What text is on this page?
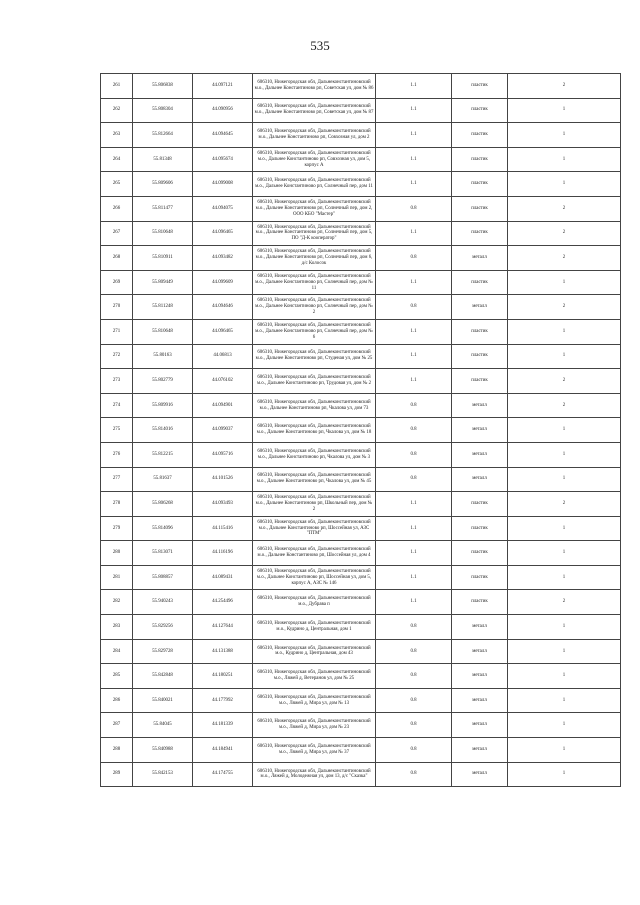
535
261	55.806838	44.097121	606310, Нижегородская обл, Дальнеконстантиновский м.о., Дальнее Константиново рп, Советская ул, дом № 86	1.1	пластик	2
262	55.808304	44.090956	606310, Нижегородская обл, Дальнеконстантиновский м.о., Дальнее Константиново рп, Советская ул, дом № 87	1.1	пластик	1
263	55.812664	44.094645	606310, Нижегородская обл, Дальнеконстантиновский м.о., Дальнее Константиново рп, Совхозная ул, дом 2	1.1	пластик	1
264	55.81348	44.095674	606310, Нижегородская обл, Дальнеконстантиновский м.о., Дальнее Константиново рп, Совхозная ул, дом 5, корпус А	1.1	пластик	1
265	55.809606	44.099008	606310, Нижегородская обл, Дальнеконстантиновский м.о., Дальнее Константиново рп, Солнечный пер, дом 11	1.1	пластик	1
266	55.811477	44.094075	606310, Нижегородская обл, Дальнеконстантиновский м.о., Дальнее Константиново рп, Солнечный пер, дом 2, ООО КБО "Мастер"	0.8	пластик	2
267	55.810648	44.096465	606310, Нижегородская обл, Дальнеконстантиновский м.о., Дальнее Константиново рп, Солнечный пер, дом 5, ПО "Д-К кооператор"	1.1	пластик	2
268	55.810911	44.093482	606310, Нижегородская обл, Дальнеконстантиновский м.о., Дальнее Константиново рп, Солнечный пер, дом 6, д/с Колосок	0.8	металл	2
269	55.809449	44.099609	606310, Нижегородская обл, Дальнеконстантиновский м.о., Дальнее Константиново рп, Солнечный пер, дом № 11	1.1	пластик	1
270	55.811248	44.094646	606310, Нижегородская обл, Дальнеконстантиновский м.о., Дальнее Константиново рп, Солнечный пер, дом № 2	0.8	металл	2
271	55.810648	44.096465	606310, Нижегородская обл, Дальнеконстантиновский м.о., Дальнее Константиново рп, Солнечный пер, дом № 6	1.1	пластик	1
272	55.80163	44.06813	606310, Нижегородская обл, Дальнеконстантиновский м.о., Дальнее Константиново рп, Студеная ул, дом № 25	1.1	пластик	1
273	55.802779	44.076102	606310, Нижегородская обл, Дальнеконстантиновский м.о., Дальнее Константиново рп, Трудовая ул, дом № 2	1.1	пластик	2
274	55.809916	44.094901	606310, Нижегородская обл, Дальнеконстантиновский м.о., Дальнее Константиново рп, Чкалова ул, дом 73	0.8	металл	2
275	55.814016	44.099037	606310, Нижегородская обл, Дальнеконстантиновский м.о., Дальнее Константиново рп, Чкалова ул, дом № 18	0.8	металл	1
276	55.812215	44.095716	606310, Нижегородская обл, Дальнеконстантиновский м.о., Дальнее Константиново рп, Чкалова ул, дом № 3	0.8	металл	1
277	55.81637	44.101526	606310, Нижегородская обл, Дальнеконстантиновский м.о., Дальнее Константиново рп, Чкалова ул, дом № 45	0.8	металл	1
278	55.806268	44.093493	606310, Нижегородская обл, Дальнеконстантиновский м.о., Дальнее Константиново рп, Школьный пер, дом № 2	1.1	пластик	2
279	55.814096	44.115416	606310, Нижегородская обл, Дальнеконстантиновский м.о., Дальнее Константиново рп, Шоссейная ул, АЗС "ПТМ"	1.1	пластик	1
280	55.813071	44.116196	606310, Нижегородская обл, Дальнеконстантиновский м.о., Дальнее Константиново рп, Шоссейная ул, дом 4	1.1	пластик	1
281	55.808857	44.089431	606310, Нижегородская обл, Дальнеконстантиновский м.о., Дальнее Константиново рп, Шоссейная ул, дом 5, корпус А, АЗС № 146	1.1	пластик	1
282	55.940243	44.254496	606310, Нижегородская обл, Дальнеконстантиновский м.о., Дубрава п	1.1	пластик	2
283	55.829256	44.127644	606310, Нижегородская обл, Дальнеконстантиновский м.о., Кудрино д, Центральная, дом 1	0.8	металл	1
284	55.829728	44.131388	606310, Нижегородская обл, Дальнеконстантиновский м.о., Кудрино д, Центральная, дом 43	0.8	металл	1
285	55.842848	44.180251	606310, Нижегородская обл, Дальнеконстантиновский м.о., Ляжей д, Ветеранов ул, дом № 25	0.8	металл	1
286	55.840021	44.177992	606310, Нижегородская обл, Дальнеконстантиновский м.о., Ляжей д, Мира ул, дом № 13	0.8	металл	1
287	55.84045	44.181339	606310, Нижегородская обл, Дальнеконстантиновский м.о., Ляжей д, Мира ул, дом № 23	0.8	металл	1
288	55.840988	44.184941	606310, Нижегородская обл, Дальнеконстантиновский м.о., Ляжей д, Мира ул, дом № 37	0.8	металл	1
289	55.842153	44.174755	606310, Нижегородская обл, Дальнеконстантиновский м.о., Ляжей д, Молодежная ул, дом 13, д/с "Сказка"	0.8	металл	1
